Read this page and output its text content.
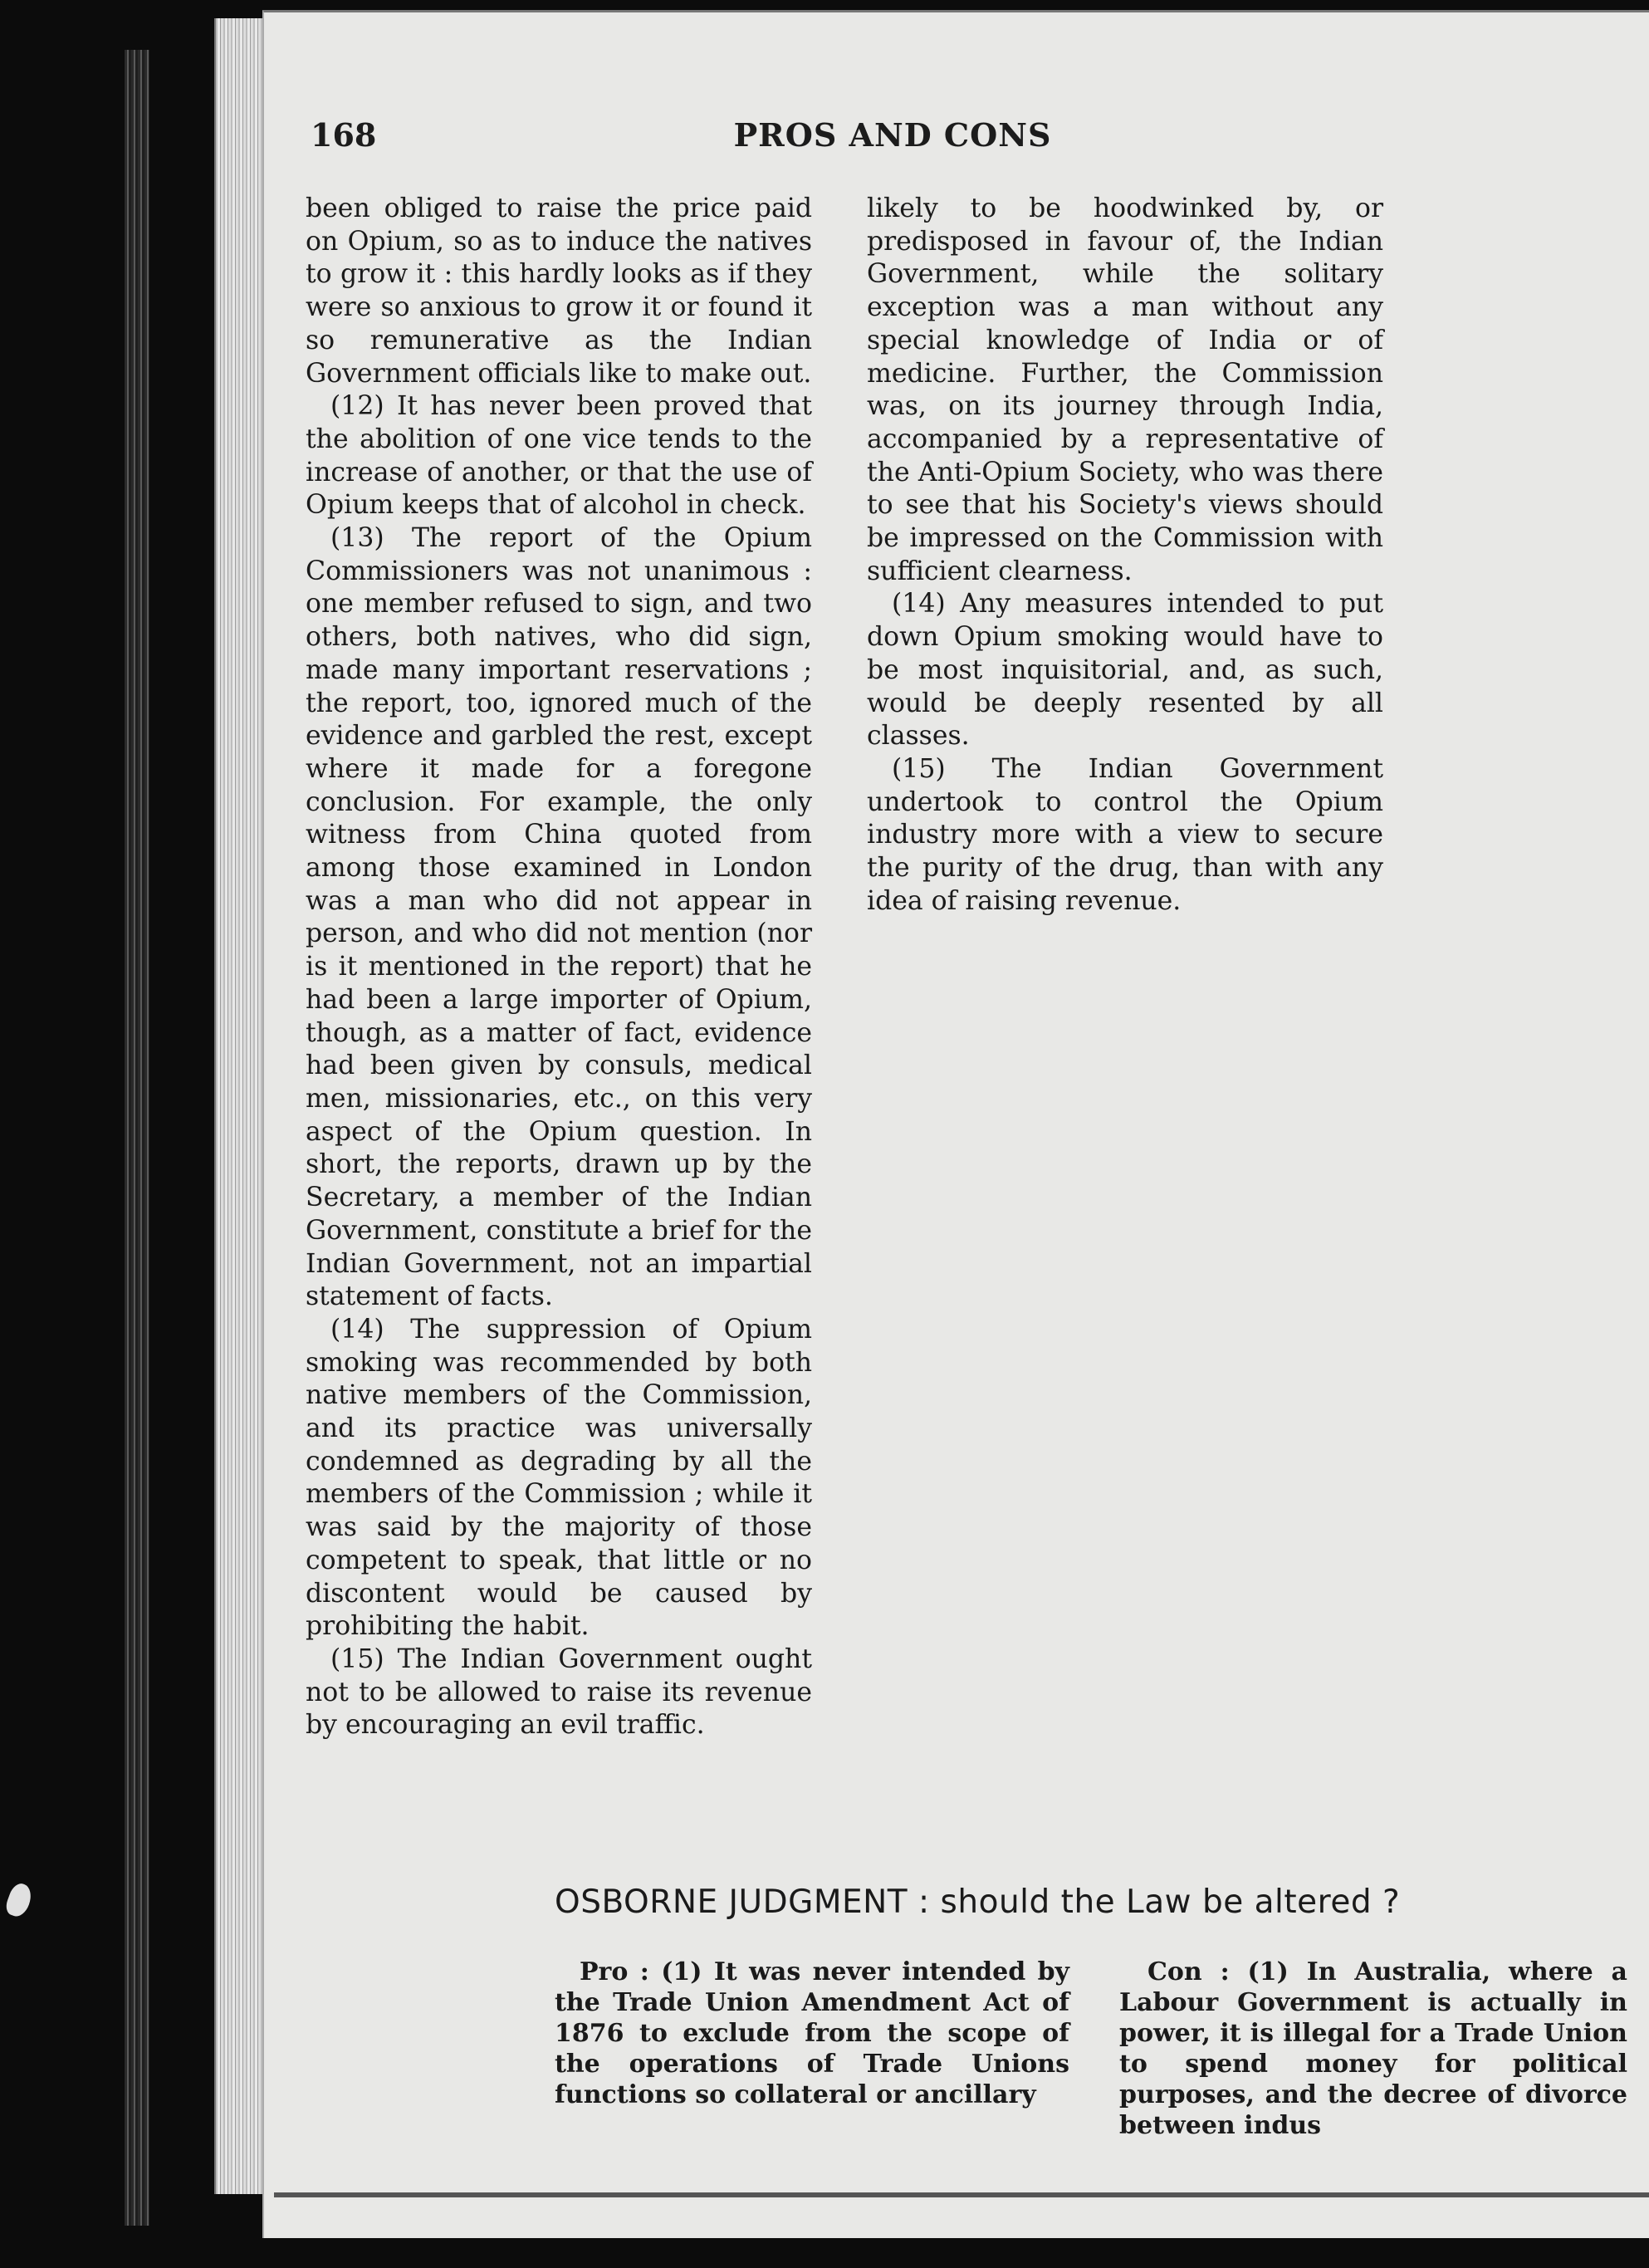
168	PROS AND CONS

been obliged to raise the price paid on Opium, so as to induce the natives to grow it : this hardly looks as if they were so anxious to grow it or found it so remunerative as the Indian Government officials like to make out.

(12) It has never been proved that the abolition of one vice tends to the increase of another, or that the use of Opium keeps that of alcohol in check.

(13) The report of the Opium Commissioners was not unanimous : one member refused to sign, and two others, both natives, who did sign, made many important reservations ; the report, too, ignored much of the evidence and garbled the rest, except where it made for a foregone conclusion. For example, the only witness from China quoted from among those examined in London was a man who did not appear in person, and who did not mention (nor is it mentioned in the report) that he had been a large importer of Opium, though, as a matter of fact, evidence had been given by consuls, medical men, missionaries, etc., on this very aspect of the Opium question. In short, the reports, drawn up by the Secretary, a member of the Indian Government, constitute a brief for the Indian Government, not an impartial statement of facts.

(14) The suppression of Opium smoking was recommended by both native members of the Commission, and its practice was universally condemned as degrading by all the members of the Commission ; while it was said by the majority of those competent to speak, that little or no discontent would be caused by prohibiting the habit.

(15) The Indian Government ought not to be allowed to raise its revenue by encouraging an evil traffic.

likely to be hoodwinked by, or predisposed in favour of, the Indian Government, while the solitary exception was a man without any special knowledge of India or of medicine. Further, the Commission was, on its journey through India, accompanied by a representative of the Anti-Opium Society, who was there to see that his Society's views should be impressed on the Commission with sufficient clearness.

(14) Any measures intended to put down Opium smoking would have to be most inquisitorial, and, as such, would be deeply resented by all classes.

(15) The Indian Government undertook to control the Opium industry more with a view to secure the purity of the drug, than with any idea of raising revenue.

OSBORNE JUDGMENT : should the Law be altered ?
Pro : (1) It was never intended by the Trade Union Amendment Act of 1876 to exclude from the scope of the operations of Trade Unions functions so collateral or ancillary
Con : (1) In Australia, where a Labour Government is actually in power, it is illegal for a Trade Union to spend money for political purposes, and the decree of divorce between indus
